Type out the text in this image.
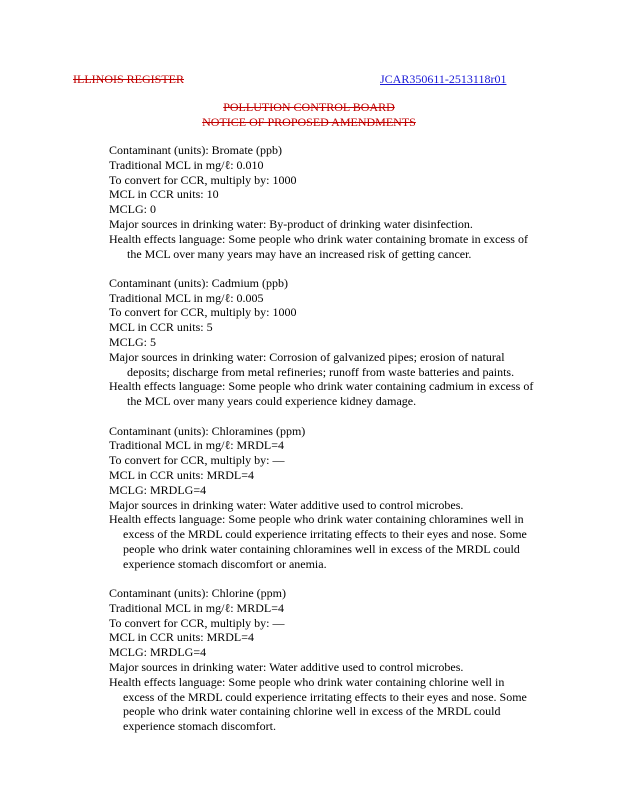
ILLINOIS REGISTER	JCAR350611-2513118r01
POLLUTION CONTROL BOARD
NOTICE OF PROPOSED AMENDMENTS
Contaminant (units): Bromate (ppb)
Traditional MCL in mg/ℓ: 0.010
To convert for CCR, multiply by: 1000
MCL in CCR units: 10
MCLG: 0
Major sources in drinking water: By-product of drinking water disinfection.
Health effects language: Some people who drink water containing bromate in excess of
the MCL over many years may have an increased risk of getting cancer.
Contaminant (units): Cadmium (ppb)
Traditional MCL in mg/ℓ: 0.005
To convert for CCR, multiply by: 1000
MCL in CCR units: 5
MCLG: 5
Major sources in drinking water: Corrosion of galvanized pipes; erosion of natural
deposits; discharge from metal refineries; runoff from waste batteries and paints.
Health effects language: Some people who drink water containing cadmium in excess of
the MCL over many years could experience kidney damage.
Contaminant (units): Chloramines (ppm)
Traditional MCL in mg/ℓ: MRDL=4
To convert for CCR, multiply by: —
MCL in CCR units: MRDL=4
MCLG: MRDLG=4
Major sources in drinking water: Water additive used to control microbes.
Health effects language: Some people who drink water containing chloramines well in
excess of the MRDL could experience irritating effects to their eyes and nose. Some
people who drink water containing chloramines well in excess of the MRDL could
experience stomach discomfort or anemia.
Contaminant (units): Chlorine (ppm)
Traditional MCL in mg/ℓ: MRDL=4
To convert for CCR, multiply by: —
MCL in CCR units: MRDL=4
MCLG: MRDLG=4
Major sources in drinking water: Water additive used to control microbes.
Health effects language: Some people who drink water containing chlorine well in
excess of the MRDL could experience irritating effects to their eyes and nose. Some
people who drink water containing chlorine well in excess of the MRDL could
experience stomach discomfort.
